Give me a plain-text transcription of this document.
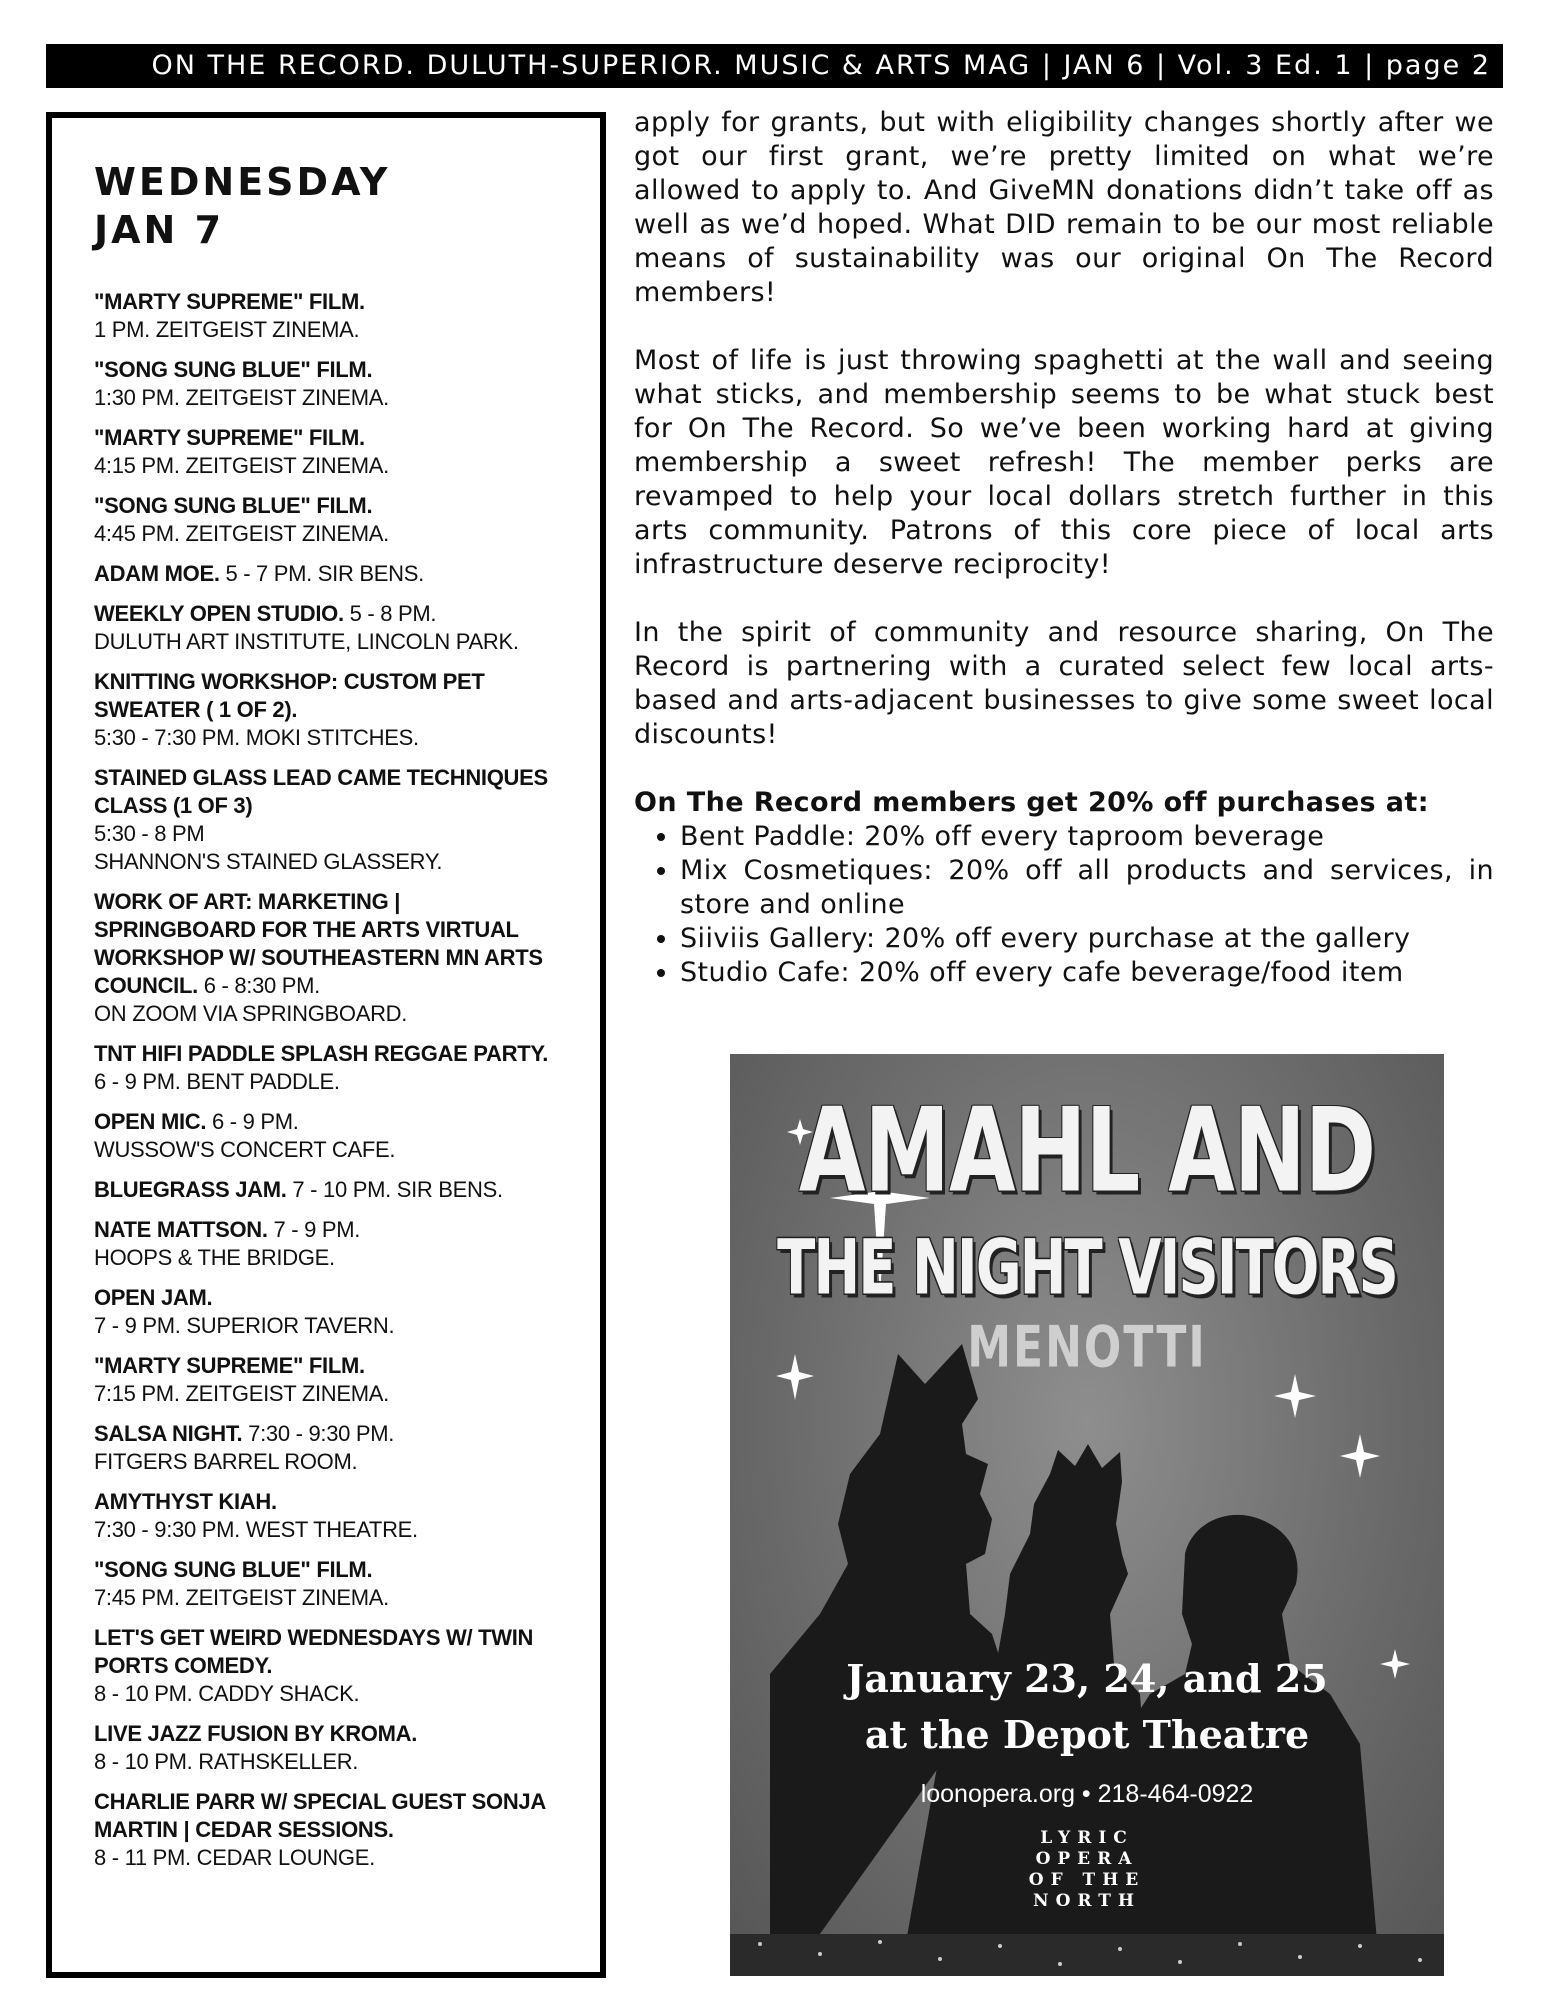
ON THE RECORD. DULUTH-SUPERIOR. MUSIC & ARTS MAG | JAN 6 | Vol. 3 Ed. 1 | page 2
WEDNESDAY
JAN 7
"MARTY SUPREME" FILM.
1 PM. ZEITGEIST ZINEMA.
"SONG SUNG BLUE" FILM.
1:30 PM. ZEITGEIST ZINEMA.
"MARTY SUPREME" FILM.
4:15 PM. ZEITGEIST ZINEMA.
"SONG SUNG BLUE" FILM.
4:45 PM. ZEITGEIST ZINEMA.
ADAM MOE. 5 - 7 PM. SIR BENS.
WEEKLY OPEN STUDIO. 5 - 8 PM.
DULUTH ART INSTITUTE, LINCOLN PARK.
KNITTING WORKSHOP: CUSTOM PET SWEATER ( 1 OF 2).
5:30 - 7:30 PM. MOKI STITCHES.
STAINED GLASS LEAD CAME TECHNIQUES CLASS (1 OF 3)
5:30 - 8 PM
SHANNON'S STAINED GLASSERY.
WORK OF ART: MARKETING | SPRINGBOARD FOR THE ARTS VIRTUAL WORKSHOP W/ SOUTHEASTERN MN ARTS COUNCIL. 6 - 8:30 PM.
ON ZOOM VIA SPRINGBOARD.
TNT HIFI PADDLE SPLASH REGGAE PARTY. 6 - 9 PM. BENT PADDLE.
OPEN MIC. 6 - 9 PM.
WUSSOW'S CONCERT CAFE.
BLUEGRASS JAM. 7 - 10 PM. SIR BENS.
NATE MATTSON. 7 - 9 PM.
HOOPS & THE BRIDGE.
OPEN JAM.
7 - 9 PM. SUPERIOR TAVERN.
"MARTY SUPREME" FILM.
7:15 PM. ZEITGEIST ZINEMA.
SALSA NIGHT. 7:30 - 9:30 PM.
FITGERS BARREL ROOM.
AMYTHYST KIAH.
7:30 - 9:30 PM. WEST THEATRE.
"SONG SUNG BLUE" FILM.
7:45 PM. ZEITGEIST ZINEMA.
LET'S GET WEIRD WEDNESDAYS W/ TWIN PORTS COMEDY.
8 - 10 PM. CADDY SHACK.
LIVE JAZZ FUSION BY KROMA.
8 - 10 PM. RATHSKELLER.
CHARLIE PARR W/ SPECIAL GUEST SONJA MARTIN | CEDAR SESSIONS.
8 - 11 PM. CEDAR LOUNGE.

apply for grants, but with eligibility changes shortly after we got our first grant, we’re pretty limited on what we’re allowed to apply to. And GiveMN donations didn’t take off as well as we’d hoped. What DID remain to be our most reliable means of sustainability was our original On The Record members!

Most of life is just throwing spaghetti at the wall and seeing what sticks, and membership seems to be what stuck best for On The Record. So we’ve been working hard at giving membership a sweet refresh! The member perks are revamped to help your local dollars stretch further in this arts community. Patrons of this core piece of local arts infrastructure deserve reciprocity!

In the spirit of community and resource sharing, On The Record is partnering with a curated select few local arts-based and arts-adjacent businesses to give some sweet local discounts!

On The Record members get 20% off purchases at:
• Bent Paddle: 20% off every taproom beverage
• Mix Cosmetiques: 20% off all products and services, in store and online
• Siiviis Gallery: 20% off every purchase at the gallery
• Studio Cafe: 20% off every cafe beverage/food item
AMAHL AND
THE NIGHT VISITORS
MENOTTI
January 23, 24, and 25
at the Depot Theatre
loonopera.org • 218-464-0922
LYRIC
OPERA
OF THE
NORTH
